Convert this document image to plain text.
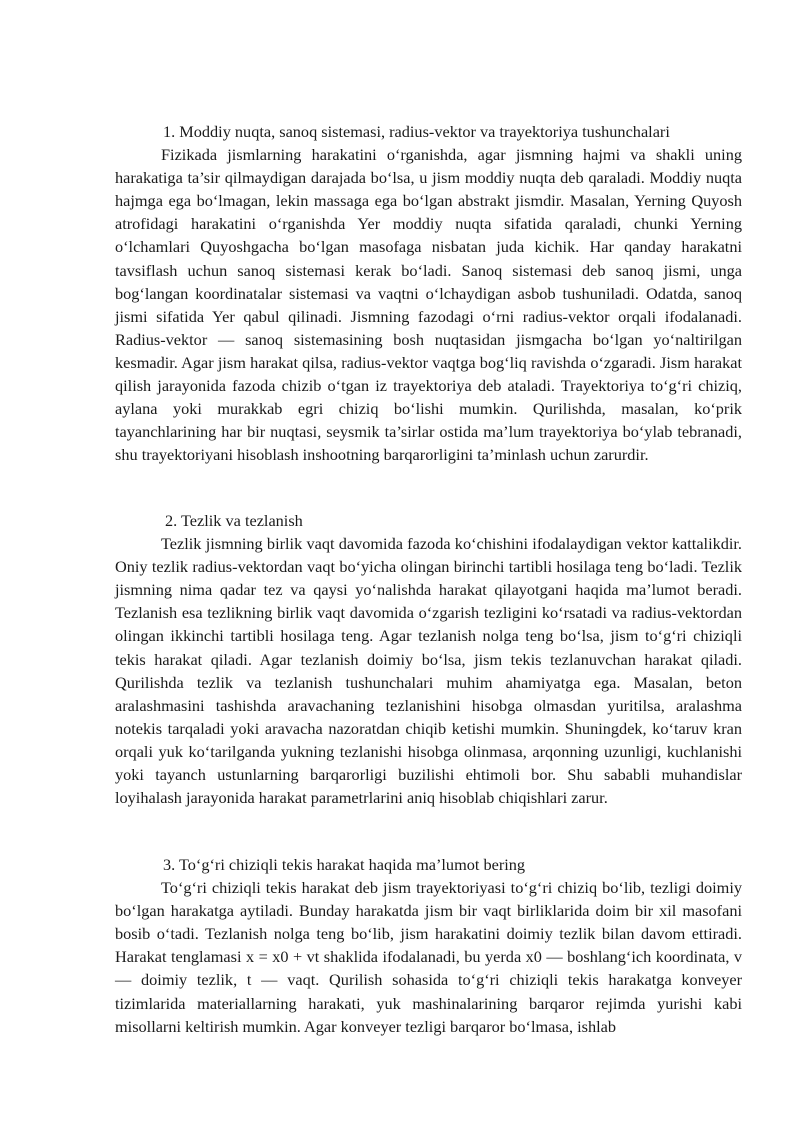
1. Moddiy nuqta, sanoq sistemasi, radius-vektor va trayektoriya tushunchalari

Fizikada jismlarning harakatini o‘rganishda, agar jismning hajmi va shakli uning harakatiga ta’sir qilmaydigan darajada bo‘lsa, u jism moddiy nuqta deb qaraladi. Moddiy nuqta hajmga ega bo‘lmagan, lekin massaga ega bo‘lgan abstrakt jismdir. Masalan, Yerning Quyosh atrofidagi harakatini o‘rganishda Yer moddiy nuqta sifatida qaraladi, chunki Yerning o‘lchamlari Quyoshgacha bo‘lgan masofaga nisbatan juda kichik. Har qanday harakatni tavsiflash uchun sanoq sistemasi kerak bo‘ladi. Sanoq sistemasi deb sanoq jismi, unga bog‘langan koordinatalar sistemasi va vaqtni o‘lchaydigan asbob tushuniladi. Odatda, sanoq jismi sifatida Yer qabul qilinadi. Jismning fazodagi o‘rni radius-vektor orqali ifodalanadi. Radius-vektor — sanoq sistemasining bosh nuqtasidan jismgacha bo‘lgan yo‘naltirilgan kesmadir. Agar jism harakat qilsa, radius-vektor vaqtga bog‘liq ravishda o‘zgaradi. Jism harakat qilish jarayonida fazoda chizib o‘tgan iz trayektoriya deb ataladi. Trayektoriya to‘g‘ri chiziq, aylana yoki murakkab egri chiziq bo‘lishi mumkin. Qurilishda, masalan, ko‘prik tayanchlarining har bir nuqtasi, seysmik ta’sirlar ostida ma’lum trayektoriya bo‘ylab tebranadi, shu trayektoriyani hisoblash inshootning barqarorligini ta’minlash uchun zarurdir.

2. Tezlik va tezlanish

Tezlik jismning birlik vaqt davomida fazoda ko‘chishini ifodalaydigan vektor kattalikdir. Oniy tezlik radius-vektordan vaqt bo‘yicha olingan birinchi tartibli hosilaga teng bo‘ladi. Tezlik jismning nima qadar tez va qaysi yo‘nalishda harakat qilayotgani haqida ma’lumot beradi. Tezlanish esa tezlikning birlik vaqt davomida o‘zgarish tezligini ko‘rsatadi va radius-vektordan olingan ikkinchi tartibli hosilaga teng. Agar tezlanish nolga teng bo‘lsa, jism to‘g‘ri chiziqli tekis harakat qiladi. Agar tezlanish doimiy bo‘lsa, jism tekis tezlanuvchan harakat qiladi. Qurilishda tezlik va tezlanish tushunchalari muhim ahamiyatga ega. Masalan, beton aralashmasini tashishda aravachaning tezlanishini hisobga olmasdan yuritilsa, aralashma notekis tarqaladi yoki aravacha nazoratdan chiqib ketishi mumkin. Shuningdek, ko‘taruv kran orqali yuk ko‘tarilganda yukning tezlanishi hisobga olinmasa, arqonning uzunligi, kuchlanishi yoki tayanch ustunlarning barqarorligi buzilishi ehtimoli bor. Shu sababli muhandislar loyihalash jarayonida harakat parametrlarini aniq hisoblab chiqishlari zarur.

3. To‘g‘ri chiziqli tekis harakat haqida ma’lumot bering

To‘g‘ri chiziqli tekis harakat deb jism trayektoriyasi to‘g‘ri chiziq bo‘lib, tezligi doimiy bo‘lgan harakatga aytiladi. Bunday harakatda jism bir vaqt birliklarida doim bir xil masofani bosib o‘tadi. Tezlanish nolga teng bo‘lib, jism harakatini doimiy tezlik bilan davom ettiradi. Harakat tenglamasi x = x0 + vt shaklida ifodalanadi, bu yerda x0 — boshlang‘ich koordinata, v — doimiy tezlik, t — vaqt. Qurilish sohasida to‘g‘ri chiziqli tekis harakatga konveyer tizimlarida materiallarning harakati, yuk mashinalarining barqaror rejimda yurishi kabi misollarni keltirish mumkin. Agar konveyer tezligi barqaror bo‘lmasa, ishlab
